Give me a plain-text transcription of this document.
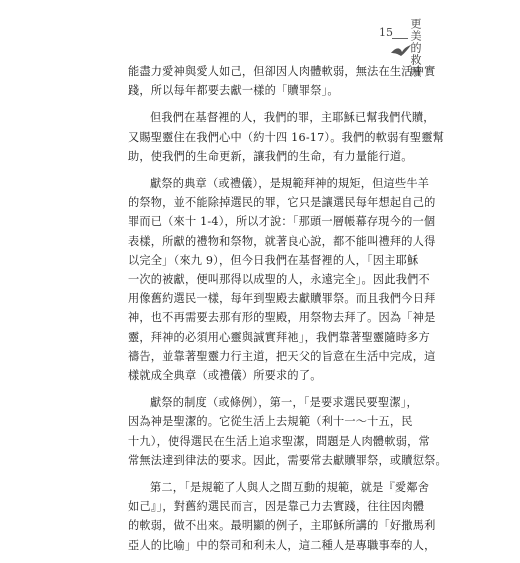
15 更美的救贖

能盡力愛神與愛人如己，但卻因人肉體軟弱，無法在生活中實
踐，所以每年都要去獻一樣的「贖罪祭」。

但我們在基督裡的人，我們的罪，主耶穌已幫我們代贖，
又賜聖靈住在我們心中（約十四 16-17）。我們的軟弱有聖靈幫
助，使我們的生命更新，讓我們的生命，有力量能行道。

獻祭的典章（或禮儀），是規範拜神的規矩，但這些牛羊
的祭物，並不能除掉選民的罪，它只是讓選民每年想起自己的
罪而已（來十 1-4），所以才說：「那頭一層帳幕存現今的一個
表樣，所獻的禮物和祭物，就著良心說，都不能叫禮拜的人得
以完全」（來九 9），但今日我們在基督裡的人，「因主耶穌
一次的被獻，便叫那得以成聖的人，永遠完全」。因此我們不
用像舊約選民一樣，每年到聖殿去獻贖罪祭。而且我們今日拜
神，也不再需要去那有形的聖殿，用祭物去拜了。因為「神是
靈，拜神的必須用心靈與誠實拜祂」，我們靠著聖靈隨時多方
禱告，並靠著聖靈力行主道，把天父的旨意在生活中完成，這
樣就成全典章（或禮儀）所要求的了。

獻祭的制度（或條例），第一，「是要求選民要聖潔」，
因為神是聖潔的。它從生活上去規範（利十一～十五，民
十九），使得選民在生活上追求聖潔，問題是人肉體軟弱，常
常無法達到律法的要求。因此，需要常去獻贖罪祭，或贖愆祭。

第二，「是規範了人與人之間互動的規範，就是『愛鄰舍
如己』」，對舊約選民而言，因是靠己力去實踐，往往因肉體
的軟弱，做不出來。最明顯的例子，主耶穌所講的「好撒馬利
亞人的比喻」中的祭司和利未人，這二種人是專職事奉的人，
